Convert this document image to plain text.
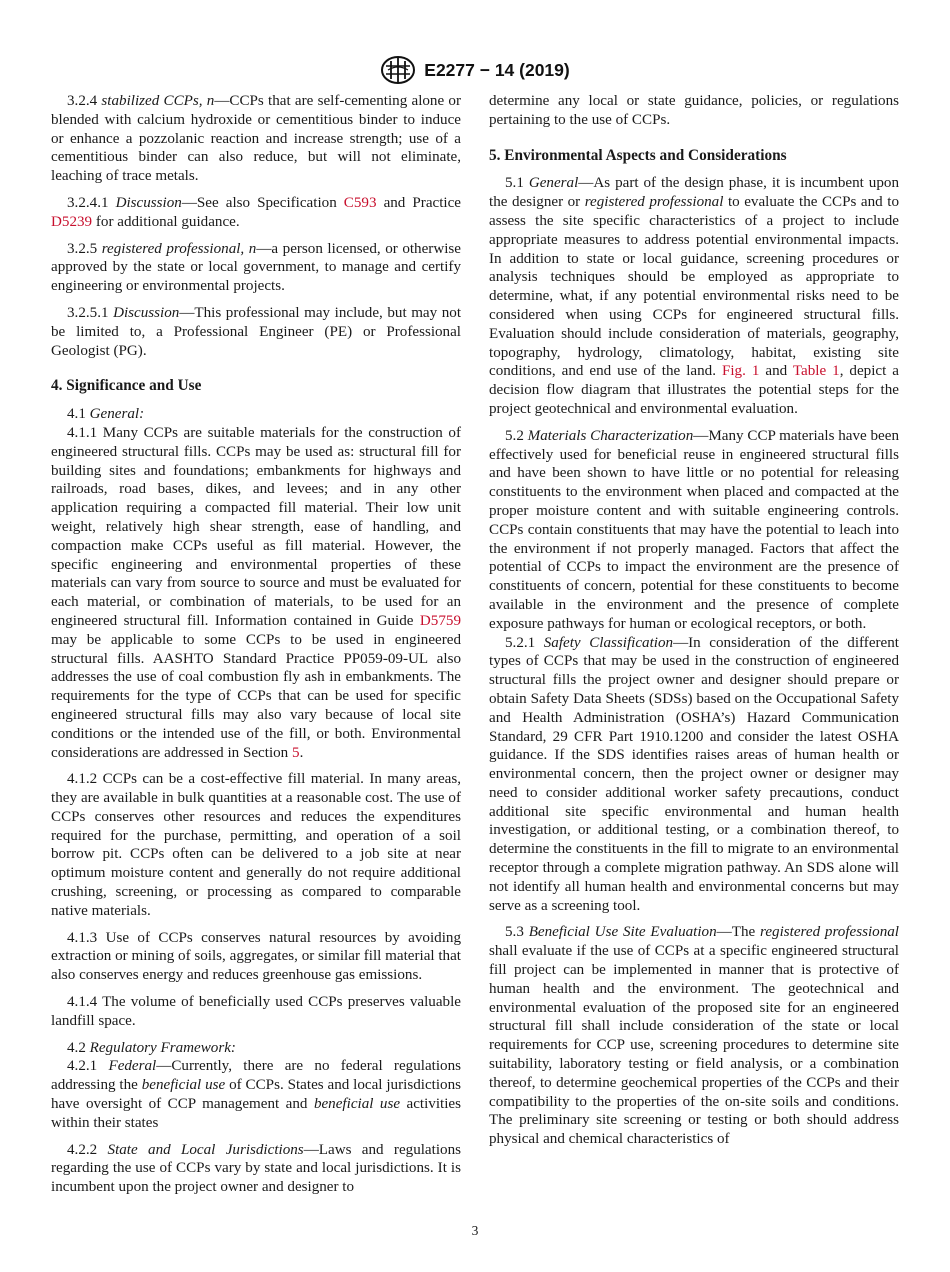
E2277 − 14 (2019)

3.2.4 stabilized CCPs, n—CCPs that are self-cementing alone or blended with calcium hydroxide or cementitious binder to induce or enhance a pozzolanic reaction and increase strength; use of a cementitious binder can also reduce, but will not eliminate, leaching of trace metals.

3.2.4.1 Discussion—See also Specification C593 and Practice D5239 for additional guidance.

3.2.5 registered professional, n—a person licensed, or otherwise approved by the state or local government, to manage and certify engineering or environmental projects.

3.2.5.1 Discussion—This professional may include, but may not be limited to, a Professional Engineer (PE) or Professional Geologist (PG).

4. Significance and Use

4.1 General:

4.1.1 Many CCPs are suitable materials for the construction of engineered structural fills. CCPs may be used as: structural fill for building sites and foundations; embankments for highways and railroads, road bases, dikes, and levees; and in any other application requiring a compacted fill material. Their low unit weight, relatively high shear strength, ease of handling, and compaction make CCPs useful as fill material. However, the specific engineering and environmental properties of these materials can vary from source to source and must be evaluated for each material, or combination of materials, to be used for an engineered structural fill. Information contained in Guide D5759 may be applicable to some CCPs to be used in engineered structural fills. AASHTO Standard Practice PP059-09-UL also addresses the use of coal combustion fly ash in embankments. The requirements for the type of CCPs that can be used for specific engineered structural fills may also vary because of local site conditions or the intended use of the fill, or both. Environmental considerations are addressed in Section 5.

4.1.2 CCPs can be a cost-effective fill material. In many areas, they are available in bulk quantities at a reasonable cost. The use of CCPs conserves other resources and reduces the expenditures required for the purchase, permitting, and operation of a soil borrow pit. CCPs often can be delivered to a job site at near optimum moisture content and generally do not require additional crushing, screening, or processing as compared to comparable native materials.

4.1.3 Use of CCPs conserves natural resources by avoiding extraction or mining of soils, aggregates, or similar fill material that also conserves energy and reduces greenhouse gas emissions.

4.1.4 The volume of beneficially used CCPs preserves valuable landfill space.

4.2 Regulatory Framework:

4.2.1 Federal—Currently, there are no federal regulations addressing the beneficial use of CCPs. States and local jurisdictions have oversight of CCP management and beneficial use activities within their states

4.2.2 State and Local Jurisdictions—Laws and regulations regarding the use of CCPs vary by state and local jurisdictions. It is incumbent upon the project owner and designer to

determine any local or state guidance, policies, or regulations pertaining to the use of CCPs.

5. Environmental Aspects and Considerations

5.1 General—As part of the design phase, it is incumbent upon the designer or registered professional to evaluate the CCPs and to assess the site specific characteristics of a project to include appropriate measures to address potential environmental impacts. In addition to state or local guidance, screening procedures or analysis techniques should be employed as appropriate to determine, what, if any potential environmental risks need to be considered when using CCPs for engineered structural fills. Evaluation should include consideration of materials, geography, topography, hydrology, climatology, habitat, existing site conditions, and end use of the land. Fig. 1 and Table 1, depict a decision flow diagram that illustrates the potential steps for the project geotechnical and environmental evaluation.

5.2 Materials Characterization—Many CCP materials have been effectively used for beneficial reuse in engineered structural fills and have been shown to have little or no potential for releasing constituents to the environment when placed and compacted at the proper moisture content and with suitable engineering controls. CCPs contain constituents that may have the potential to leach into the environment if not properly managed. Factors that affect the potential of CCPs to impact the environment are the presence of constituents of concern, potential for these constituents to become available in the environment and the presence of complete exposure pathways for human or ecological receptors, or both.

5.2.1 Safety Classification—In consideration of the different types of CCPs that may be used in the construction of engineered structural fills the project owner and designer should prepare or obtain Safety Data Sheets (SDSs) based on the Occupational Safety and Health Administration (OSHA’s) Hazard Communication Standard, 29 CFR Part 1910.1200 and consider the latest OSHA guidance. If the SDS identifies raises areas of human health or environmental concern, then the project owner or designer may need to consider additional worker safety precautions, conduct additional site specific environmental and human health investigation, or additional testing, or a combination thereof, to determine the constituents in the fill to migrate to an environmental receptor through a complete migration pathway. An SDS alone will not identify all human health and environmental concerns but may serve as a screening tool.

5.3 Beneficial Use Site Evaluation—The registered professional shall evaluate if the use of CCPs at a specific engineered structural fill project can be implemented in manner that is protective of human health and the environment. The geotechnical and environmental evaluation of the proposed site for an engineered structural fill shall include consideration of the state or local requirements for CCP use, screening procedures to determine site suitability, laboratory testing or field analysis, or a combination thereof, to determine geochemical properties of the CCPs and their compatibility to the properties of the on-site soils and conditions. The preliminary site screening or testing or both should address physical and chemical characteristics of

3
